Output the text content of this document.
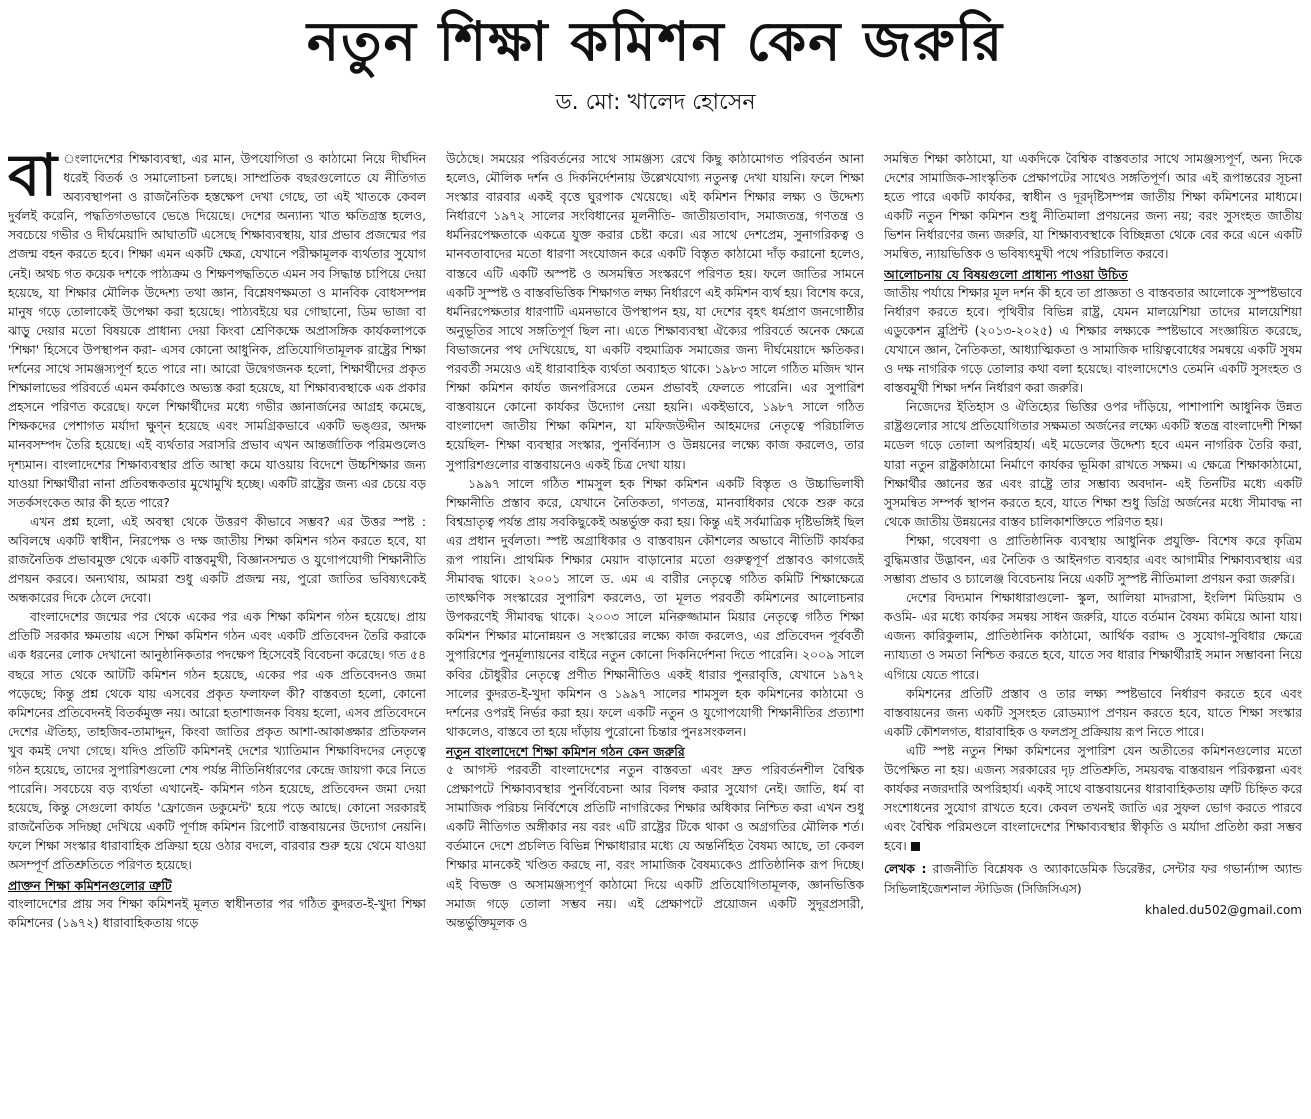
নতুন শিক্ষা কমিশন কেন জরুরি
ড. মো: খালেদ হোসেন

বা ংলাদেশের শিক্ষাব্যবস্থা, এর মান, উপযোগিতা ও কাঠামো নিয়ে দীর্ঘদিন ধরেই বিতর্ক ও সমালোচনা চলছে। সাম্প্রতিক বছরগুলোতে যে নীতিগত অব্যবস্থাপনা ও রাজনৈতিক হস্তক্ষেপ দেখা গেছে, তা এই খাতকে কেবল দুর্বলই করেনি, পদ্ধতিগতভাবে ভেঙে দিয়েছে। দেশের অন্যান্য খাত ক্ষতিগ্রস্ত হলেও, সবচেয়ে গভীর ও দীর্ঘমেয়াদি আঘাতটি এসেছে শিক্ষাব্যবস্থায়, যার প্রভাব প্রজন্মের পর প্রজন্ম বহন করতে হবে। শিক্ষা এমন একটি ক্ষেত্র, যেখানে পরীক্ষামূলক ব্যর্থতার সুযোগ নেই। অথচ গত কয়েক দশকে পাঠ্যক্রম ও শিক্ষণপদ্ধতিতে এমন সব সিদ্ধান্ত চাপিয়ে দেয়া হয়েছে, যা শিক্ষার মৌলিক উদ্দেশ্য তথা জ্ঞান, বিশ্লেষণক্ষমতা ও মানবিক বোধসম্পন্ন মানুষ গড়ে তোলাকেই উপেক্ষা করা হয়েছে। পাঠ্যবইয়ে ঘর গোছানো, ডিম ভাজা বা ঝাড়ু দেয়ার মতো বিষয়কে প্রাধান্য দেয়া কিংবা শ্রেণিকক্ষে অপ্রাসঙ্গিক কার্যকলাপকে 'শিক্ষা' হিসেবে উপস্থাপন করা- এসব কোনো আধুনিক, প্রতিযোগিতামূলক রাষ্ট্রের শিক্ষা দর্শনের সাথে সামঞ্জস্যপূর্ণ হতে পারে না। আরো উদ্বেগজনক হলো, শিক্ষার্থীদের প্রকৃত শিক্ষালাভের পরিবর্তে এমন কর্মকাণ্ডে অভ্যস্ত করা হয়েছে, যা শিক্ষাব্যবস্থাকে এক প্রকার প্রহসনে পরিণত করেছে। ফলে শিক্ষার্থীদের মধ্যে গভীর জ্ঞানার্জনের আগ্রহ কমেছে, শিক্ষকদের পেশাগত মর্যাদা ক্ষুণ্ন হয়েছে এবং সামগ্রিকভাবে একটি ভঙ্গুর, অদক্ষ মানবসম্পদ তৈরি হয়েছে। এই ব্যর্থতার সরাসরি প্রভাব এখন আন্তর্জাতিক পরিমণ্ডলেও দৃশ্যমান। বাংলাদেশের শিক্ষাব্যবস্থার প্রতি আস্থা কমে যাওয়ায় বিদেশে উচ্চশিক্ষার জন্য যাওয়া শিক্ষার্থীরা নানা প্রতিবন্ধকতার মুখোমুখি হচ্ছে। একটি রাষ্ট্রের জন্য এর চেয়ে বড় সতর্কসংকেত আর কী হতে পারে?

এখন প্রশ্ন হলো, এই অবস্থা থেকে উত্তরণ কীভাবে সম্ভব? এর উত্তর স্পষ্ট : অবিলম্বে একটি স্বাধীন, নিরপেক্ষ ও দক্ষ জাতীয় শিক্ষা কমিশন গঠন করতে হবে, যা রাজনৈতিক প্রভাবমুক্ত থেকে একটি বাস্তবমুখী, বিজ্ঞানসম্মত ও যুগোপযোগী শিক্ষানীতি প্রণয়ন করবে। অন্যথায়, আমরা শুধু একটি প্রজন্ম নয়, পুরো জাতির ভবিষ্যৎকেই অন্ধকারের দিকে ঠেলে দেবো।

বাংলাদেশের জন্মের পর থেকে একের পর এক শিক্ষা কমিশন গঠন হয়েছে। প্রায় প্রতিটি সরকার ক্ষমতায় এসে শিক্ষা কমিশন গঠন এবং একটি প্রতিবেদন তৈরি করাকে এক ধরনের লোক দেখানো আনুষ্ঠানিকতার পদক্ষেপ হিসেবেই বিবেচনা করেছে। গত ৫৪ বছরে সাত থেকে আটটি কমিশন গঠন হয়েছে, একের পর এক প্রতিবেদনও জমা পড়েছে; কিন্তু প্রশ্ন থেকে যায় এসবের প্রকৃত ফলাফল কী? বাস্তবতা হলো, কোনো কমিশনের প্রতিবেদনই বিতর্কমুক্ত নয়। আরো হতাশাজনক বিষয় হলো, এসব প্রতিবেদনে দেশের ঐতিহ্য, তাহজিব-তামাদ্দুন, কিংবা জাতির প্রকৃত আশা-আকাঙ্ক্ষার প্রতিফলন খুব কমই দেখা গেছে। যদিও প্রতিটি কমিশনই দেশের খ্যাতিমান শিক্ষাবিদদের নেতৃত্বে গঠন হয়েছে, তাদের সুপারিশগুলো শেষ পর্যন্ত নীতিনির্ধারণের কেন্দ্রে জায়গা করে নিতে পারেনি। সবচেয়ে বড় ব্যর্থতা এখানেই- কমিশন গঠন হয়েছে, প্রতিবেদন জমা দেয়া হয়েছে, কিন্তু সেগুলো কার্যত 'ফ্রোজেন ডকুমেন্ট' হয়ে পড়ে আছে। কোনো সরকারই রাজনৈতিক সদিচ্ছা দেখিয়ে একটি পূর্ণাঙ্গ কমিশন রিপোর্ট বাস্তবায়নের উদ্যোগ নেয়নি। ফলে শিক্ষা সংস্কার ধারাবাহিক প্রক্রিয়া হয়ে ওঠার বদলে, বারবার শুরু হয়ে থেমে যাওয়া অসম্পূর্ণ প্রতিশ্রুতিতে পরিণত হয়েছে।

প্রাক্তন শিক্ষা কমিশনগুলোর ত্রুটি

বাংলাদেশের প্রায় সব শিক্ষা কমিশনই মূলত স্বাধীনতার পর গঠিত কুদরত-ই-খুদা শিক্ষা কমিশনের (১৯৭২) ধারাবাহিকতায় গড়ে

উঠেছে। সময়ের পরিবর্তনের সাথে সামঞ্জস্য রেখে কিছু কাঠামোগত পরিবর্তন আনা হলেও, মৌলিক দর্শন ও দিকনির্দেশনায় উল্লেখযোগ্য নতুনত্ব দেখা যায়নি। ফলে শিক্ষা সংস্কার বারবার একই বৃত্তে ঘুরপাক খেয়েছে। এই কমিশন শিক্ষার লক্ষ্য ও উদ্দেশ্য নির্ধারণে ১৯৭২ সালের সংবিধানের মূলনীতি- জাতীয়তাবাদ, সমাজতন্ত্র, গণতন্ত্র ও ধর্মনিরপেক্ষতাকে একত্রে যুক্ত করার চেষ্টা করে। এর সাথে দেশপ্রেম, সুনাগরিকত্ব ও মানবতাবাদের মতো ধারণা সংযোজন করে একটি বিস্তৃত কাঠামো দাঁড় করানো হলেও, বাস্তবে এটি একটি অস্পষ্ট ও অসমন্বিত সংস্করণে পরিণত হয়। ফলে জাতির সামনে একটি সুস্পষ্ট ও বাস্তবভিত্তিক শিক্ষাগত লক্ষ্য নির্ধারণে এই কমিশন ব্যর্থ হয়। বিশেষ করে, ধর্মনিরপেক্ষতার ধারণাটি এমনভাবে উপস্থাপন হয়, যা দেশের বৃহৎ ধর্মপ্রাণ জনগোষ্ঠীর অনুভূতির সাথে সঙ্গতিপূর্ণ ছিল না। এতে শিক্ষাব্যবস্থা ঐক্যের পরিবর্তে অনেক ক্ষেত্রে বিভাজনের পথ দেখিয়েছে, যা একটি বহুমাত্রিক সমাজের জন্য দীর্ঘমেয়াদে ক্ষতিকর। পরবর্তী সময়েও এই ধারাবাহিক ব্যর্থতা অব্যাহত থাকে। ১৯৮৩ সালে গঠিত মজিদ খান শিক্ষা কমিশন কার্যত জনপরিসরে তেমন প্রভাবই ফেলতে পারেনি। এর সুপারিশ বাস্তবায়নে কোনো কার্যকর উদ্যোগ নেয়া হয়নি। একইভাবে, ১৯৮৭ সালে গঠিত বাংলাদেশ জাতীয় শিক্ষা কমিশন, যা মফিজউদ্দীন আহমদের নেতৃত্বে পরিচালিত হয়েছিল- শিক্ষা ব্যবস্থার সংস্কার, পুনর্বিন্যাস ও উন্নয়নের লক্ষ্যে কাজ করলেও, তার সুপারিশগুলোর বাস্তবায়নেও একই চিত্র দেখা যায়।

১৯৯৭ সালে গঠিত শামসুল হক শিক্ষা কমিশন একটি বিস্তৃত ও উচ্চাভিলাষী শিক্ষানীতি প্রস্তাব করে, যেখানে নৈতিকতা, গণতন্ত্র, মানবাধিকার থেকে শুরু করে বিশ্বভ্রাতৃত্ব পর্যন্ত প্রায় সবকিছুকেই অন্তর্ভুক্ত করা হয়। কিন্তু এই সর্বমাত্রিক দৃষ্টিভঙ্গিই ছিল এর প্রধান দুর্বলতা। স্পষ্ট অগ্রাধিকার ও বাস্তবায়ন কৌশলের অভাবে নীতিটি কার্যকর রূপ পায়নি। প্রাথমিক শিক্ষার মেয়াদ বাড়ানোর মতো গুরুত্বপূর্ণ প্রস্তাবও কাগজেই সীমাবদ্ধ থাকে। ২০০১ সালে ড. এম এ বারীর নেতৃত্বে গঠিত কমিটি শিক্ষাক্ষেত্রে তাৎক্ষণিক সংস্কারের সুপারিশ করলেও, তা মূলত পরবর্তী কমিশনের আলোচনার উপকরণেই সীমাবদ্ধ থাকে। ২০০৩ সালে মনিরুজ্জামান মিয়ার নেতৃত্বে গঠিত শিক্ষা কমিশন শিক্ষার মানোন্নয়ন ও সংস্কারের লক্ষ্যে কাজ করলেও, এর প্রতিবেদন পূর্ববর্তী সুপারিশের পুনর্মূল্যায়নের বাইরে নতুন কোনো দিকনির্দেশনা দিতে পারেনি। ২০০৯ সালে কবির চৌধুরীর নেতৃত্বে প্রণীত শিক্ষানীতিও একই ধারার পুনরাবৃত্তি, যেখানে ১৯৭২ সালের কুদরত-ই-খুদা কমিশন ও ১৯৯৭ সালের শামসুল হক কমিশনের কাঠামো ও দর্শনের ওপরই নির্ভর করা হয়। ফলে একটি নতুন ও যুগোপযোগী শিক্ষানীতির প্রত্যাশা থাকলেও, বাস্তবে তা হয়ে দাঁড়ায় পুরোনো চিন্তার পুনঃসংকলন।

নতুন বাংলাদেশে শিক্ষা কমিশন গঠন কেন জরুরি

৫ আগস্ট পরবর্তী বাংলাদেশের নতুন বাস্তবতা এবং দ্রুত পরিবর্তনশীল বৈশ্বিক প্রেক্ষাপটে শিক্ষাব্যবস্থার পুনর্বিবেচনা আর বিলম্ব করার সুযোগ নেই। জাতি, ধর্ম বা সামাজিক পরিচয় নির্বিশেষে প্রতিটি নাগরিকের শিক্ষার অধিকার নিশ্চিত করা এখন শুধু একটি নীতিগত অঙ্গীকার নয় বরং এটি রাষ্ট্রের টিকে থাকা ও অগ্রগতির মৌলিক শর্ত। বর্তমানে দেশে প্রচলিত বিভিন্ন শিক্ষাধারার মধ্যে যে অন্তর্নিহিত বৈষম্য আছে, তা কেবল শিক্ষার মানকেই খণ্ডিত করছে না, বরং সামাজিক বৈষম্যকেও প্রাতিষ্ঠানিক রূপ দিচ্ছে। এই বিভক্ত ও অসামঞ্জস্যপূর্ণ কাঠামো দিয়ে একটি প্রতিযোগিতামূলক, জ্ঞানভিত্তিক সমাজ গড়ে তোলা সম্ভব নয়। এই প্রেক্ষাপটে প্রয়োজন একটি সুদূরপ্রসারী, অন্তর্ভুক্তিমূলক ও

সমন্বিত শিক্ষা কাঠামো, যা একদিকে বৈশ্বিক বাস্তবতার সাথে সামঞ্জস্যপূর্ণ, অন্য দিকে দেশের সামাজিক-সাংস্কৃতিক প্রেক্ষাপটের সাথেও সঙ্গতিপূর্ণ। আর এই রূপান্তরের সূচনা হতে পারে একটি কার্যকর, স্বাধীন ও দূরদৃষ্টিসম্পন্ন জাতীয় শিক্ষা কমিশনের মাধ্যমে। একটি নতুন শিক্ষা কমিশন শুধু নীতিমালা প্রণয়নের জন্য নয়; বরং সুসংহত জাতীয় ভিশন নির্ধারণের জন্য জরুরি, যা শিক্ষাব্যবস্থাকে বিচ্ছিন্নতা থেকে বের করে এনে একটি সমন্বিত, ন্যায়ভিত্তিক ও ভবিষ্যৎমুখী পথে পরিচালিত করবে।

আলোচনায় যে বিষয়গুলো প্রাধান্য পাওয়া উচিত

জাতীয় পর্যায়ে শিক্ষার মূল দর্শন কী হবে তা প্রাজ্ঞতা ও বাস্তবতার আলোকে সুস্পষ্টভাবে নির্ধারণ করতে হবে। পৃথিবীর বিভিন্ন রাষ্ট্র, যেমন মালয়েশিয়া তাদের মালয়েশিয়া এডুকেশন ব্লুপ্রিন্ট (২০১৩-২০২৫) এ শিক্ষার লক্ষ্যকে স্পষ্টভাবে সংজ্ঞায়িত করেছে, যেখানে জ্ঞান, নৈতিকতা, আধ্যাত্মিকতা ও সামাজিক দায়িত্ববোধের সমন্বয়ে একটি সুষম ও দক্ষ নাগরিক গড়ে তোলার কথা বলা হয়েছে। বাংলাদেশেও তেমনি একটি সুসংহত ও বাস্তবমুখী শিক্ষা দর্শন নির্ধারণ করা জরুরি।

নিজেদের ইতিহাস ও ঐতিহ্যের ভিত্তির ওপর দাঁড়িয়ে, পাশাপাশি আধুনিক উন্নত রাষ্ট্রগুলোর সাথে প্রতিযোগিতার সক্ষমতা অর্জনের লক্ষ্যে একটি স্বতন্ত্র বাংলাদেশী শিক্ষা মডেল গড়ে তোলা অপরিহার্য। এই মডেলের উদ্দেশ্য হবে এমন নাগরিক তৈরি করা, যারা নতুন রাষ্ট্রকাঠামো নির্মাণে কার্যকর ভূমিকা রাখতে সক্ষম। এ ক্ষেত্রে শিক্ষাকাঠামো, শিক্ষার্থীর জ্ঞানের স্তর এবং রাষ্ট্রে তার সম্ভাব্য অবদান- এই তিনটির মধ্যে একটি সুসমন্বিত সম্পর্ক স্থাপন করতে হবে, যাতে শিক্ষা শুধু ডিগ্রি অর্জনের মধ্যে সীমাবদ্ধ না থেকে জাতীয় উন্নয়নের বাস্তব চালিকাশক্তিতে পরিণত হয়।

শিক্ষা, গবেষণা ও প্রাতিষ্ঠানিক ব্যবস্থায় আধুনিক প্রযুক্তি- বিশেষ করে কৃত্রিম বুদ্ধিমত্তার উদ্ভাবন, এর নৈতিক ও আইনগত ব্যবহার এবং আগামীর শিক্ষাব্যবস্থায় এর সম্ভাব্য প্রভাব ও চ্যালেঞ্জ বিবেচনায় নিয়ে একটি সুস্পষ্ট নীতিমালা প্রণয়ন করা জরুরি।

দেশের বিদ্যমান শিক্ষাধারাগুলো- স্কুল, আলিয়া মাদরাসা, ইংলিশ মিডিয়াম ও কওমি- এর মধ্যে কার্যকর সমন্বয় সাধন জরুরি, যাতে বর্তমান বৈষম্য কমিয়ে আনা যায়। এজন্য কারিকুলাম, প্রাতিষ্ঠানিক কাঠামো, আর্থিক বরাদ্দ ও সুযোগ-সুবিধার ক্ষেত্রে ন্যায্যতা ও সমতা নিশ্চিত করতে হবে, যাতে সব ধারার শিক্ষার্থীরাই সমান সম্ভাবনা নিয়ে এগিয়ে যেতে পারে।

কমিশনের প্রতিটি প্রস্তাব ও তার লক্ষ্য স্পষ্টভাবে নির্ধারণ করতে হবে এবং বাস্তবায়নের জন্য একটি সুসংহত রোডম্যাপ প্রণয়ন করতে হবে, যাতে শিক্ষা সংস্কার একটি কৌশলগত, ধারাবাহিক ও ফলপ্রসূ প্রক্রিয়ায় রূপ নিতে পারে।

এটি স্পষ্ট নতুন শিক্ষা কমিশনের সুপারিশ যেন অতীতের কমিশনগুলোর মতো উপেক্ষিত না হয়। এজন্য সরকারের দৃঢ় প্রতিশ্রুতি, সময়বদ্ধ বাস্তবায়ন পরিকল্পনা এবং কার্যকর নজরদারি অপরিহার্য। একই সাথে বাস্তবায়নের ধারাবাহিকতায় ত্রুটি চিহ্নিত করে সংশোধনের সুযোগ রাখতে হবে। কেবল তখনই জাতি এর সুফল ভোগ করতে পারবে এবং বৈশ্বিক পরিমণ্ডলে বাংলাদেশের শিক্ষাব্যবস্থার স্বীকৃতি ও মর্যাদা প্রতিষ্ঠা করা সম্ভব হবে।

লেখক : রাজনীতি বিশ্লেষক ও অ্যাকাডেমিক ডিরেক্টর, সেন্টার ফর গভার্ন্যান্স অ্যান্ড সিভিলাইজেশনাল স্টাডিজ (সিজিসিএস)

khaled.du502@gmail.com
